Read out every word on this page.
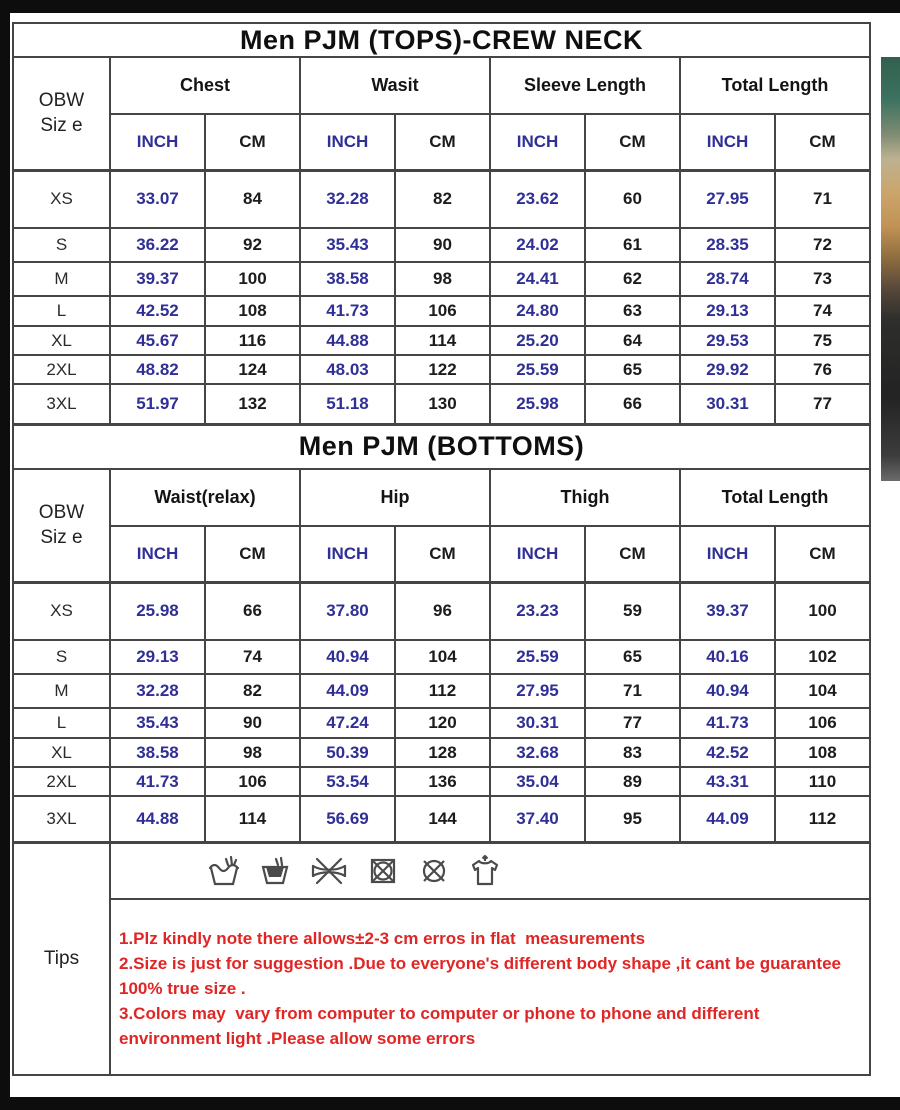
Men PJM (TOPS)-CREW NECK								
OBW
Siz e	Chest		Wasit		Sleeve Length		Total Length	
	INCH	CM	INCH	CM	INCH	CM	INCH	CM
XS	33.07	84	32.28	82	23.62	60	27.95	71
S	36.22	92	35.43	90	24.02	61	28.35	72
M	39.37	100	38.58	98	24.41	62	28.74	73
L	42.52	108	41.73	106	24.80	63	29.13	74
XL	45.67	116	44.88	114	25.20	64	29.53	75
2XL	48.82	124	48.03	122	25.59	65	29.92	76
3XL	51.97	132	51.18	130	25.98	66	30.31	77
Men PJM (BOTTOMS)								
OBW
Siz e	Waist(relax)		Hip		Thigh		Total Length	
	INCH	CM	INCH	CM	INCH	CM	INCH	CM
XS	25.98	66	37.80	96	23.23	59	39.37	100
S	29.13	74	40.94	104	25.59	65	40.16	102
M	32.28	82	44.09	112	27.95	71	40.94	104
L	35.43	90	47.24	120	30.31	77	41.73	106
XL	38.58	98	50.39	128	32.68	83	42.52	108
2XL	41.73	106	53.54	136	35.04	89	43.31	110
3XL	44.88	114	56.69	144	37.40	95	44.09	112
Tips	

	1.Plz kindly note there allows±2-3 cm erros in flat  measurements

2.Size is just for suggestion .Due to everyone's different body shape ,it cant be guarantee 100% true size .

3.Colors may  vary from computer to computer or phone to phone and different environment light .Please allow some errors							
